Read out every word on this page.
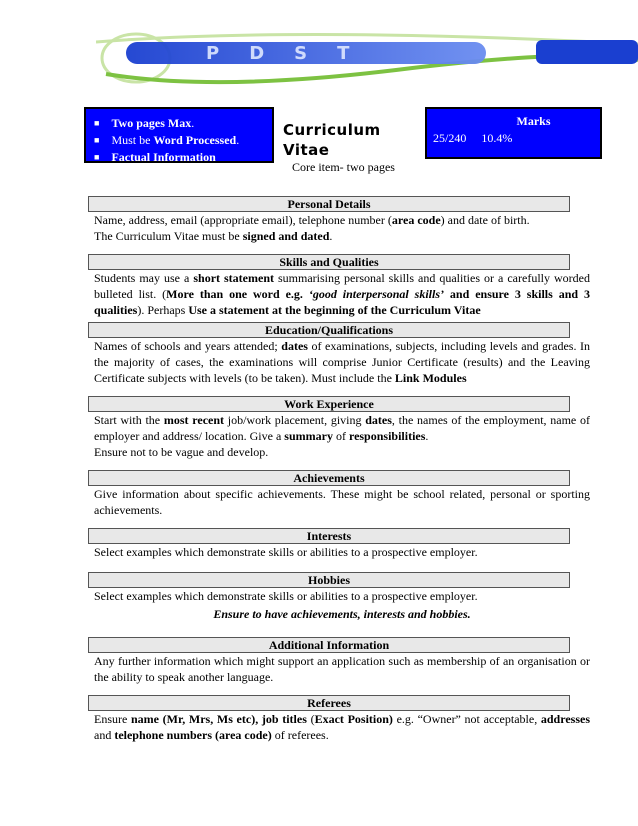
PDST
■ Two pages Max.
■ Must be Word Processed.
■ Factual Information
Curriculum
Vitae
Core item- two pages
Marks
25/240     10.4%
Personal Details

Name, address, email (appropriate email), telephone number (area code) and date of birth.

The Curriculum Vitae must be signed and dated.

Skills and Qualities

Students may use a short statement summarising personal skills and qualities or a carefully worded bulleted list. (More than one word e.g. ‘good interpersonal skills’ and ensure 3 skills and 3 qualities). Perhaps Use a statement at the beginning of the Curriculum Vitae

Education/Qualifications

Names of schools and years attended; dates of examinations, subjects, including levels and grades. In the majority of cases, the examinations will comprise Junior Certificate (results) and the Leaving Certificate subjects with levels (to be taken). Must include the Link Modules

Work Experience

Start with the most recent job/work placement, giving dates, the names of the employment, name of employer and address/ location. Give a summary of responsibilities.

Ensure not to be vague and develop.

Achievements

Give information about specific achievements. These might be school related, personal or sporting achievements.

Interests

Select examples which demonstrate skills or abilities to a prospective employer.

Hobbies

Select examples which demonstrate skills or abilities to a prospective employer.

Ensure to have achievements, interests and hobbies.
Additional Information

Any further information which might support an application such as membership of an organisation or the ability to speak another language.

Referees

Ensure name (Mr, Mrs, Ms etc), job titles (Exact Position) e.g. “Owner” not acceptable, addresses and telephone numbers (area code) of referees.
